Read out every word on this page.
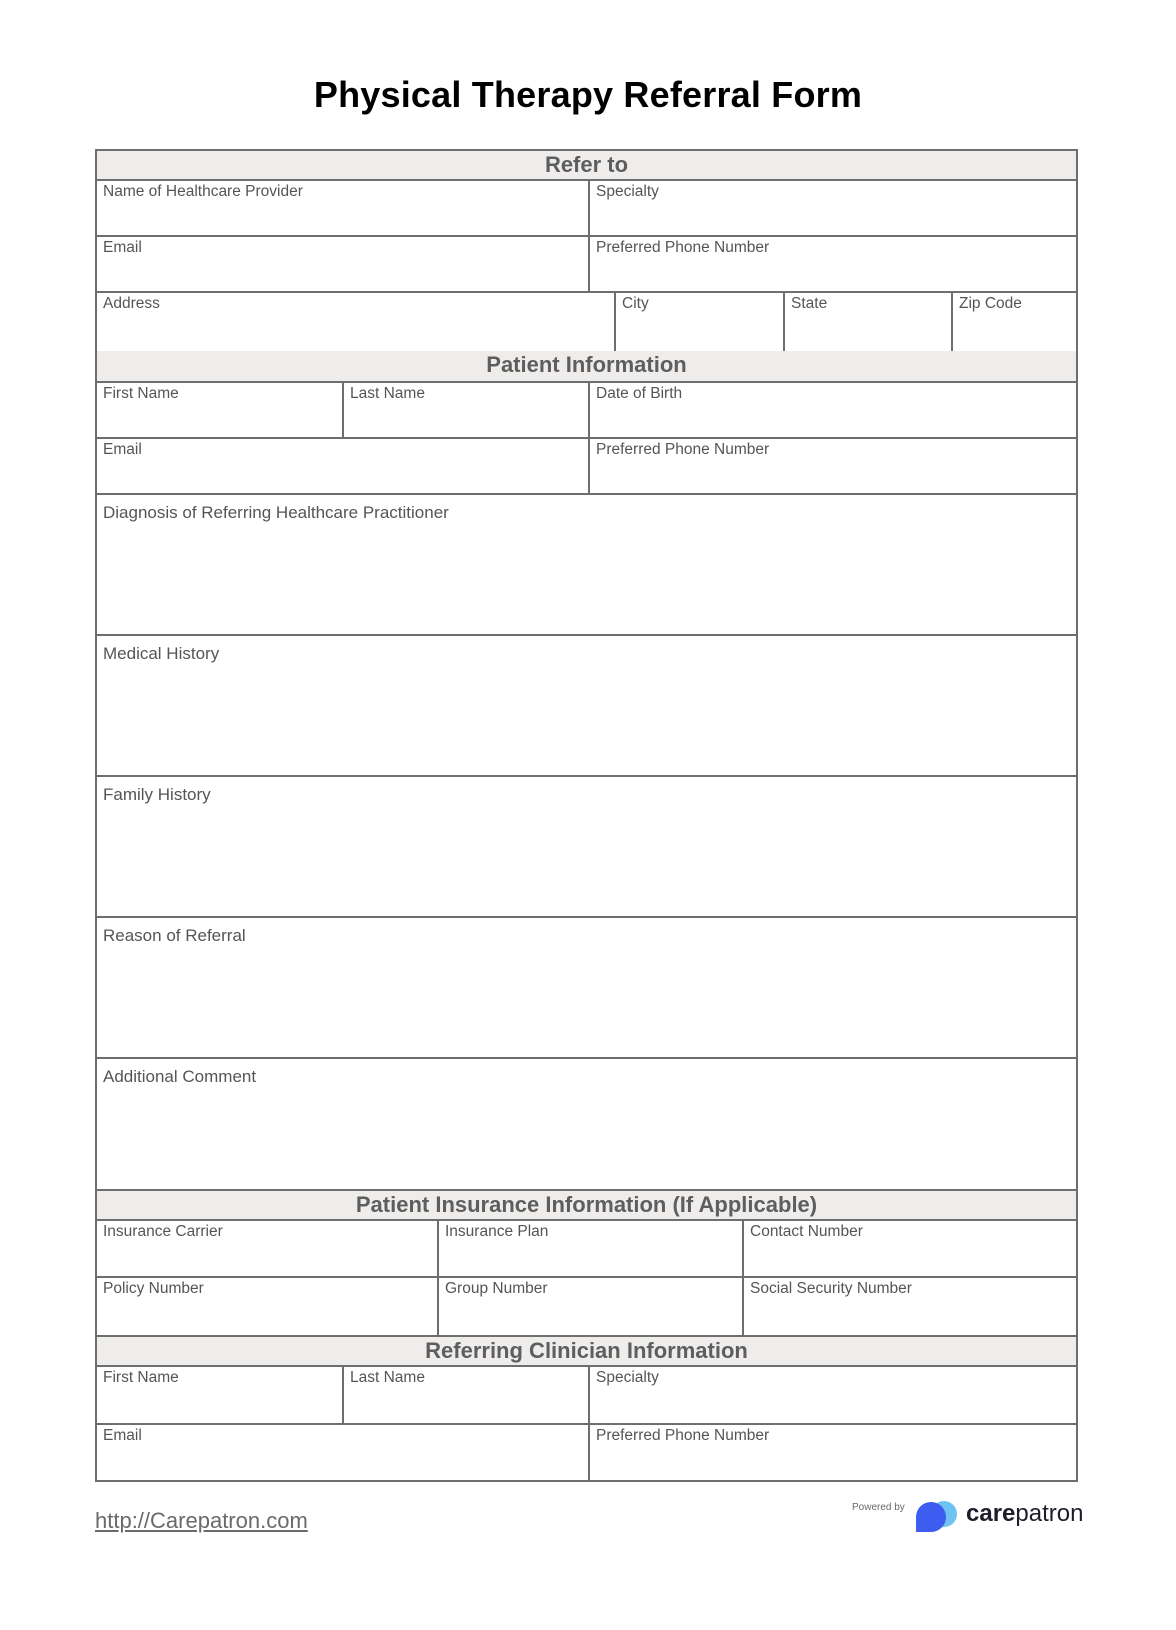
Physical Therapy Referral Form
Refer to
Name of Healthcare Provider	Specialty
Email	Preferred Phone Number
Address	City	State	Zip Code
Patient Information
First Name	Last Name	Date of Birth
Email	Preferred Phone Number
Diagnosis of Referring Healthcare Practitioner
Medical History
Family History
Reason of Referral
Additional Comment
Patient Insurance Information (If Applicable)
Insurance Carrier	Insurance Plan	Contact Number
Policy Number	Group Number	Social Security Number
Referring Clinician Information
First Name	Last Name	Specialty
Email	Preferred Phone Number
http://Carepatron.com
Powered by	carepatron
